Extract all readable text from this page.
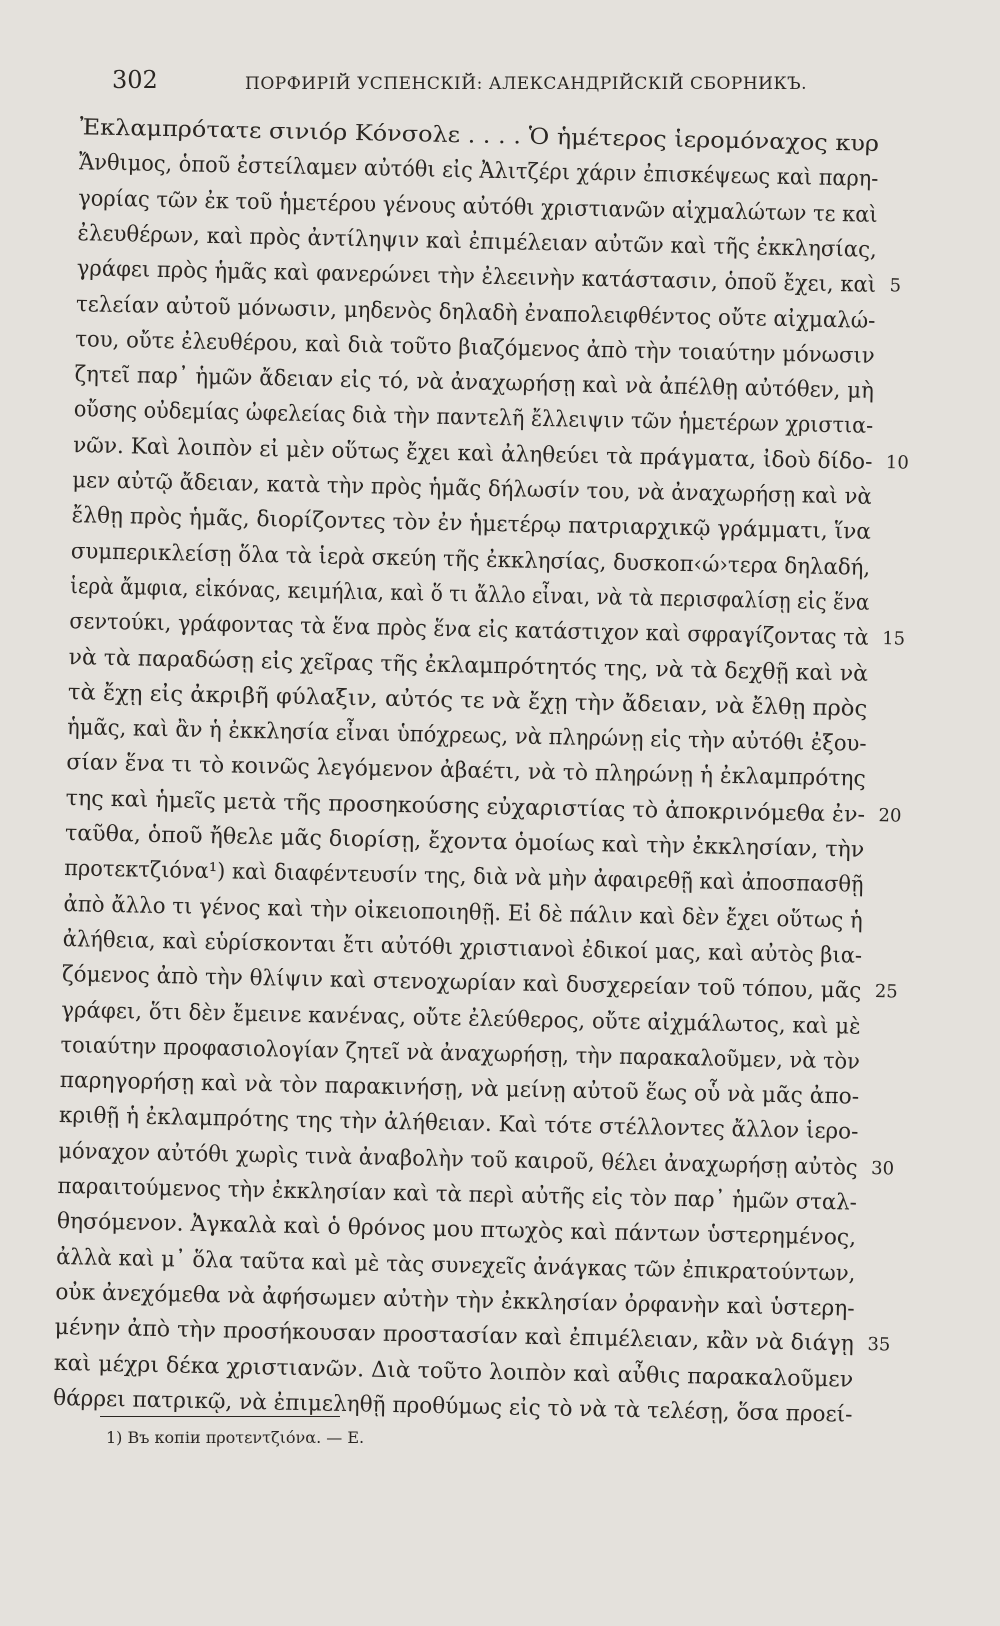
302	ПОРФИРІЙ УСПЕНСКІЙ: АЛЕКСАНДРІЙСКІЙ СБОРНИКЪ.
Ἐκλαμπρότατε σινιόρ Κόνσολε . . . . Ὁ ἡμέτερος ἱερομόναχος κυρ
Ἄνθιμος, ὁποῦ ἐστείλαμεν αὐτόθι εἰς Ἀλιτζέρι χάριν ἐπισκέψεως καὶ παρη-
γορίας τῶν ἐκ τοῦ ἡμετέρου γένους αὐτόθι χριστιανῶν αἰχμαλώτων τε καὶ
ἐλευθέρων, καὶ πρὸς ἀντίληψιν καὶ ἐπιμέλειαν αὐτῶν καὶ τῆς ἐκκλησίας,
γράφει πρὸς ἡμᾶς καὶ φανερώνει τὴν ἐλεεινὴν κατάστασιν, ὁποῦ ἔχει, καὶ 5
τελείαν αὐτοῦ μόνωσιν, μηδενὸς δηλαδὴ ἐναπολειφθέντος οὔτε αἰχμαλώ-
του, οὔτε ἐλευθέρου, καὶ διὰ τοῦτο βιαζόμενος ἀπὸ τὴν τοιαύτην μόνωσιν
ζητεῖ παρ᾽ ἡμῶν ἄδειαν εἰς τό, νὰ ἀναχωρήσῃ καὶ νὰ ἀπέλθῃ αὐτόθεν, μὴ
οὔσης οὐδεμίας ὠφελείας διὰ τὴν παντελῆ ἔλλειψιν τῶν ἡμετέρων χριστια-
νῶν. Καὶ λοιπὸν εἰ μὲν οὕτως ἔχει καὶ ἀληθεύει τὰ πράγματα, ἰδοὺ δίδο- 10
μεν αὐτῷ ἄδειαν, κατὰ τὴν πρὸς ἡμᾶς δήλωσίν του, νὰ ἀναχωρήσῃ καὶ νὰ
ἔλθῃ πρὸς ἡμᾶς, διορίζοντες τὸν ἐν ἡμετέρῳ πατριαρχικῷ γράμματι, ἵνα
συμπερικλείσῃ ὅλα τὰ ἱερὰ σκεύη τῆς ἐκκλησίας, δυσκοπ‹ώ›τερα δηλαδή,
ἱερὰ ἄμφια, εἰκόνας, κειμήλια, καὶ ὅ τι ἄλλο εἶναι, νὰ τὰ περισφαλίσῃ εἰς ἕνα
σεντούκι, γράφοντας τὰ ἕνα πρὸς ἕνα εἰς κατάστιχον καὶ σφραγίζοντας τὰ 15
νὰ τὰ παραδώσῃ εἰς χεῖρας τῆς ἐκλαμπρότητός της, νὰ τὰ δεχθῇ καὶ νὰ
τὰ ἔχῃ εἰς ἀκριβῆ φύλαξιν, αὐτός τε νὰ ἔχῃ τὴν ἄδειαν, νὰ ἔλθῃ πρὸς
ἡμᾶς, καὶ ἂν ἡ ἐκκλησία εἶναι ὑπόχρεως, νὰ πληρώνῃ εἰς τὴν αὐτόθι ἐξου-
σίαν ἕνα τι τὸ κοινῶς λεγόμενον ἀβαέτι, νὰ τὸ πληρώνῃ ἡ ἐκλαμπρότης
της καὶ ἡμεῖς μετὰ τῆς προσηκούσης εὐχαριστίας τὸ ἀποκρινόμεθα ἐν- 20
ταῦθα, ὁποῦ ἤθελε μᾶς διορίσῃ, ἔχοντα ὁμοίως καὶ τὴν ἐκκλησίαν, τὴν
προτεκτζιόνα¹) καὶ διαφέντευσίν της, διὰ νὰ μὴν ἀφαιρεθῇ καὶ ἀποσπασθῇ
ἀπὸ ἄλλο τι γένος καὶ τὴν οἰκειοποιηθῇ. Εἰ δὲ πάλιν καὶ δὲν ἔχει οὕτως ἡ
ἀλήθεια, καὶ εὑρίσκονται ἔτι αὐτόθι χριστιανοὶ ἐδικοί μας, καὶ αὐτὸς βια-
ζόμενος ἀπὸ τὴν θλίψιν καὶ στενοχωρίαν καὶ δυσχερείαν τοῦ τόπου, μᾶς 25
γράφει, ὅτι δὲν ἔμεινε κανένας, οὔτε ἐλεύθερος, οὔτε αἰχμάλωτος, καὶ μὲ
τοιαύτην προφασιολογίαν ζητεῖ νὰ ἀναχωρήσῃ, τὴν παρακαλοῦμεν, νὰ τὸν
παρηγορήσῃ καὶ νὰ τὸν παρακινήσῃ, νὰ μείνῃ αὐτοῦ ἕως οὗ νὰ μᾶς ἀπο-
κριθῇ ἡ ἐκλαμπρότης της τὴν ἀλήθειαν. Καὶ τότε στέλλοντες ἄλλον ἱερο-
μόναχον αὐτόθι χωρὶς τινὰ ἀναβολὴν τοῦ καιροῦ, θέλει ἀναχωρήσῃ αὐτὸς 30
παραιτούμενος τὴν ἐκκλησίαν καὶ τὰ περὶ αὐτῆς εἰς τὸν παρ᾽ ἡμῶν σταλ-
θησόμενον. Ἀγκαλὰ καὶ ὁ θρόνος μου πτωχὸς καὶ πάντων ὑστερημένος,
ἀλλὰ καὶ μ᾽ ὅλα ταῦτα καὶ μὲ τὰς συνεχεῖς ἀνάγκας τῶν ἐπικρατούντων,
οὐκ ἀνεχόμεθα νὰ ἀφήσωμεν αὐτὴν τὴν ἐκκλησίαν ὀρφανὴν καὶ ὑστερη-
μένην ἀπὸ τὴν προσήκουσαν προστασίαν καὶ ἐπιμέλειαν, κἂν νὰ διάγῃ 35
καὶ μέχρι δέκα χριστιανῶν. Διὰ τοῦτο λοιπὸν καὶ αὖθις παρακαλοῦμεν
θάρρει πατρικῷ, νὰ ἐπιμεληθῇ προθύμως εἰς τὸ νὰ τὰ τελέσῃ, ὅσα προεί-
1) Въ копіи προτεντζιόνα. — Е.
